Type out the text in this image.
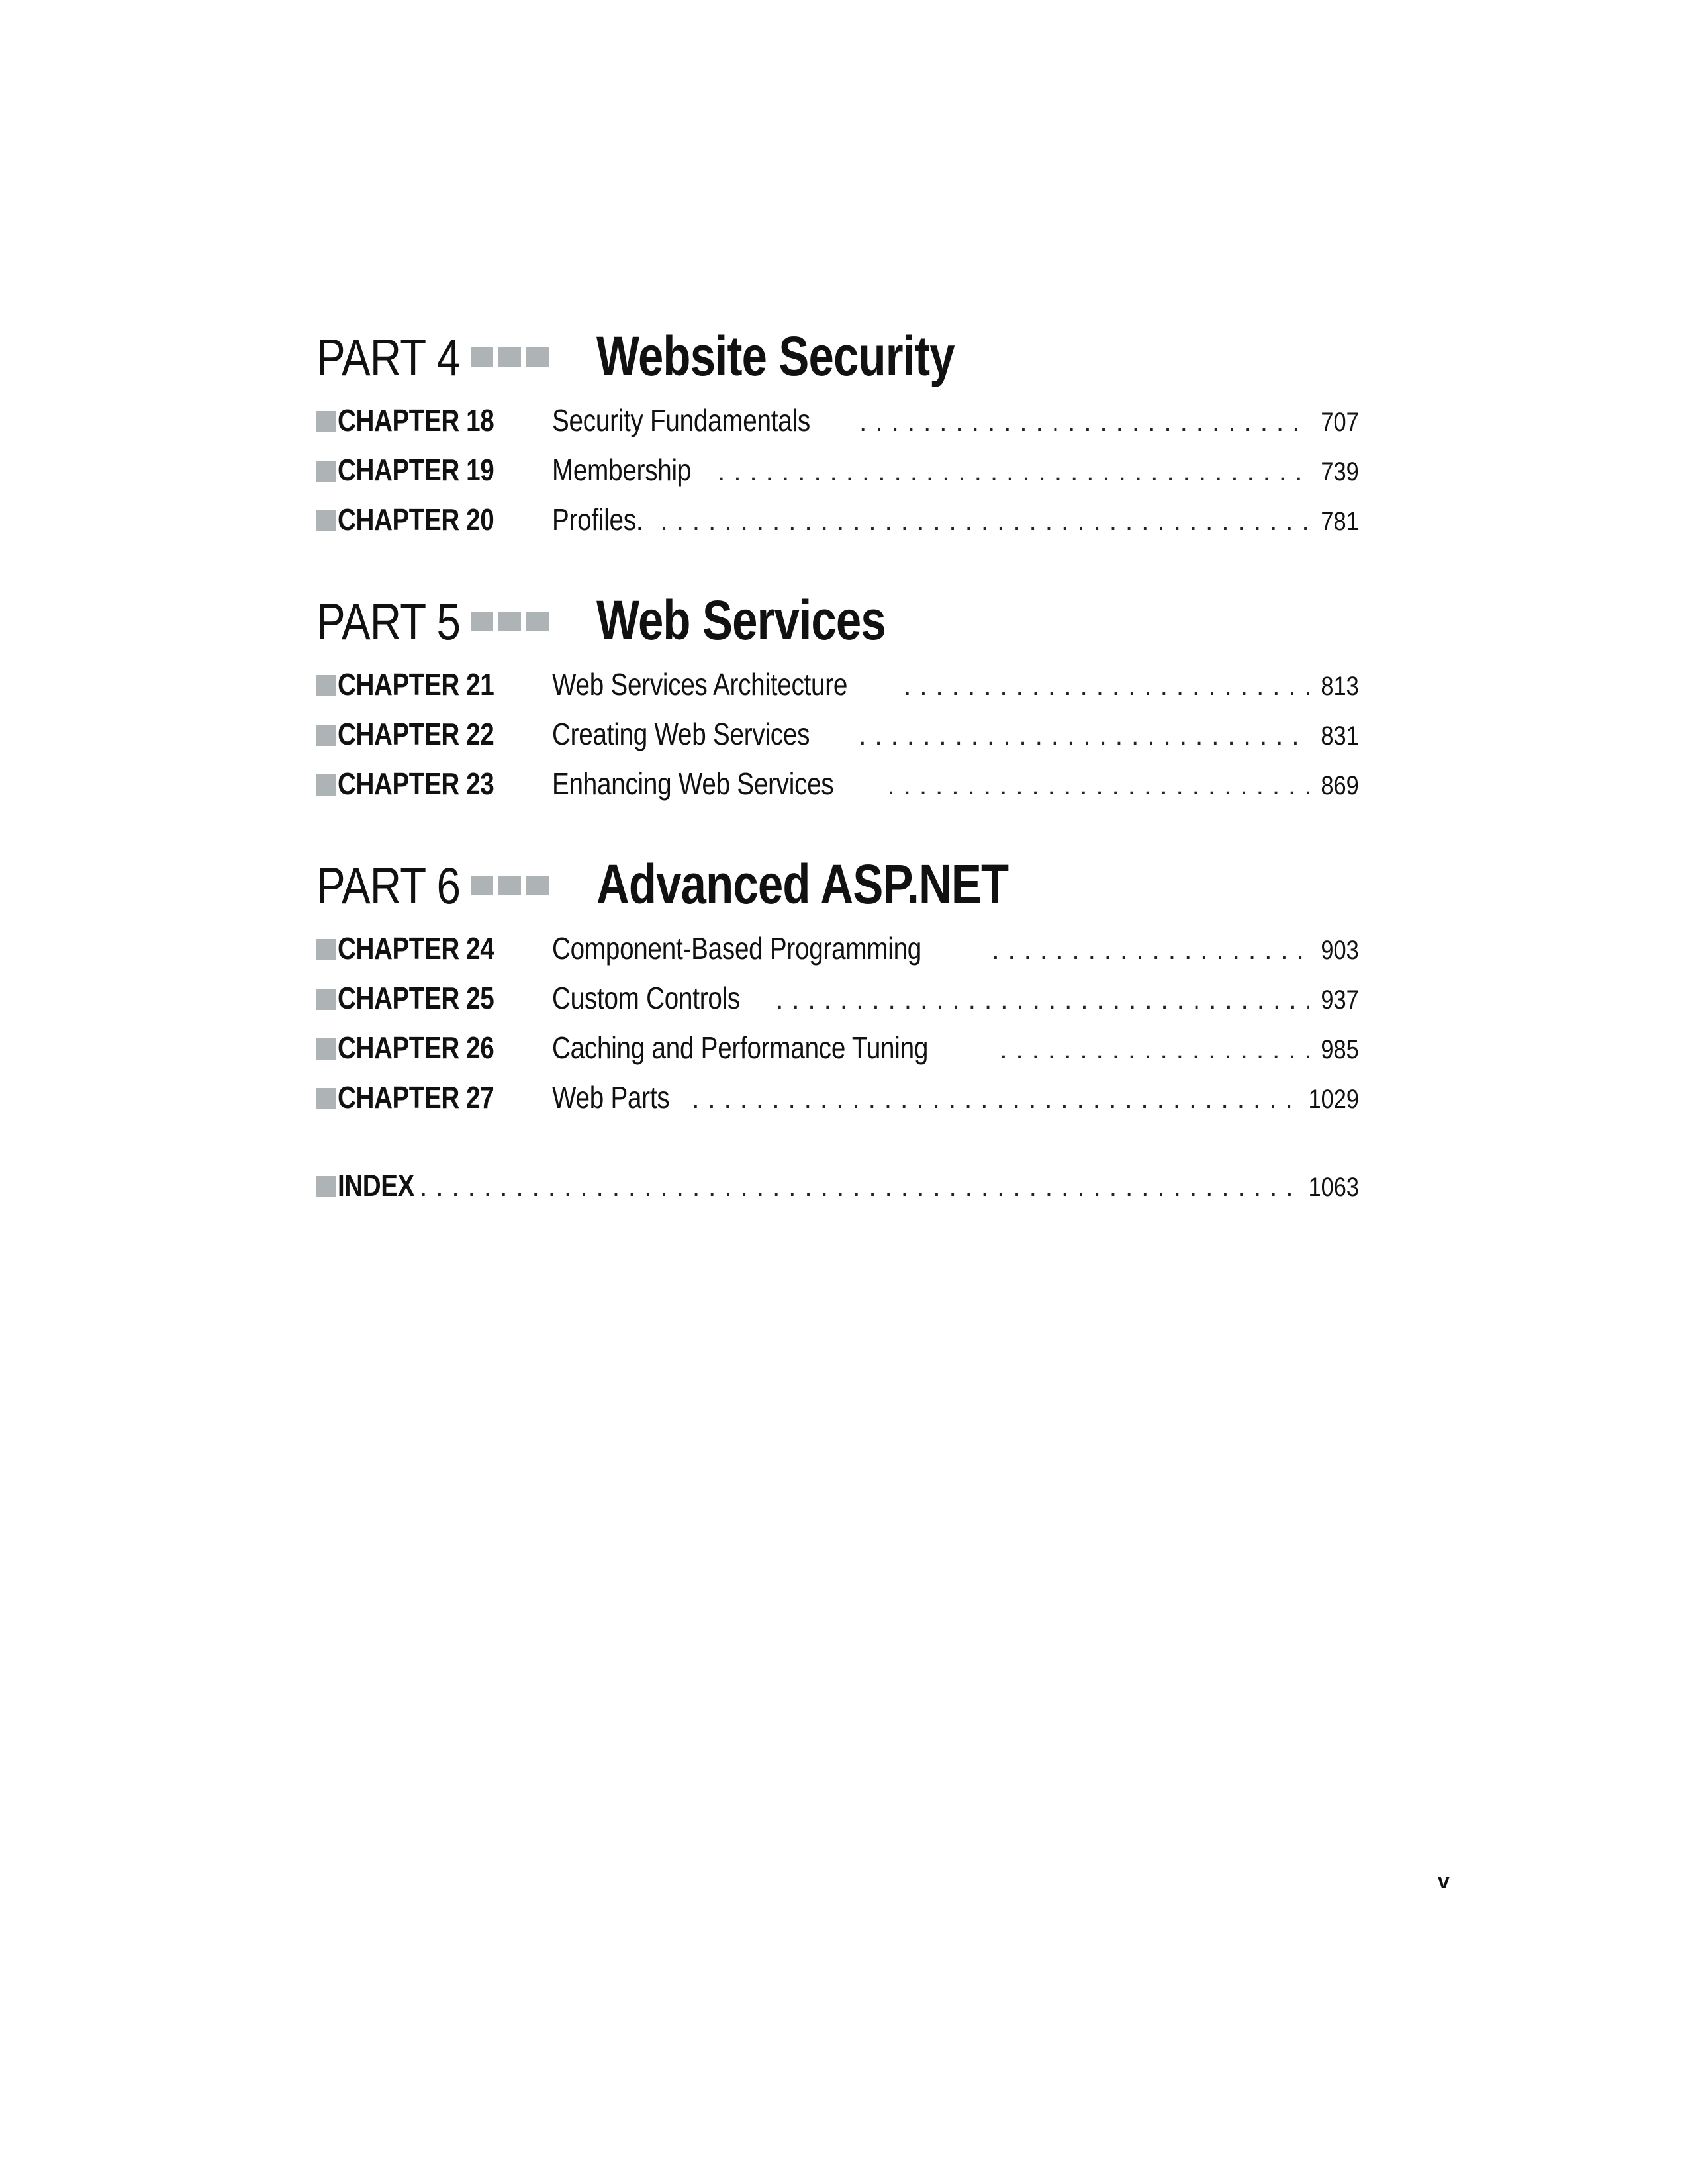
PART 4 Website Security
CHAPTER 18 Security Fundamentals . . .	707
CHAPTER 19 Membership . . .	739
CHAPTER 20 Profiles. . . .	781
PART 5 Web Services
CHAPTER 21 Web Services Architecture . . .	813
CHAPTER 22 Creating Web Services . . .	831
CHAPTER 23 Enhancing Web Services . . .	869
PART 6 Advanced ASP.NET
CHAPTER 24 Component-Based Programming . . .	903
CHAPTER 25 Custom Controls . . .	937
CHAPTER 26 Caching and Performance Tuning . . .	985
CHAPTER 27 Web Parts . . .	1029
INDEX . . .	1063
v
